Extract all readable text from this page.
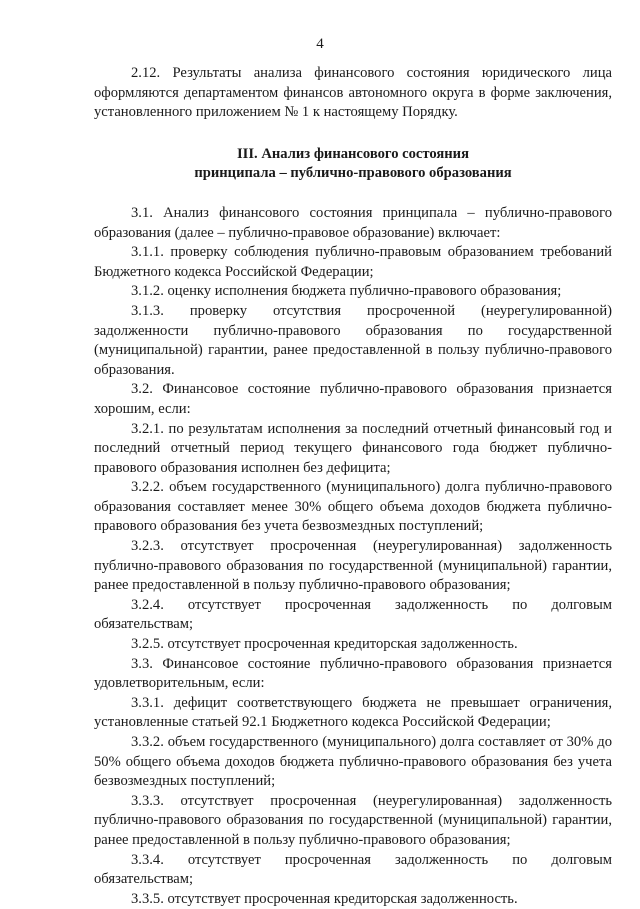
4

2.12. Результаты анализа финансового состояния юридического лица оформляются департаментом финансов автономного округа в форме заключения, установленного приложением № 1 к настоящему Порядку.

III. Анализ финансового состояния
принципала – публично-правового образования

3.1. Анализ финансового состояния принципала – публично-правового образования (далее – публично-правовое образование) включает:

3.1.1. проверку соблюдения публично-правовым образованием требований Бюджетного кодекса Российской Федерации;

3.1.2. оценку исполнения бюджета публично-правового образования;

3.1.3. проверку отсутствия просроченной (неурегулированной) задолженности публично-правового образования по государственной (муниципальной) гарантии, ранее предоставленной в пользу публично-правового образования.

3.2. Финансовое состояние публично-правового образования признается хорошим, если:

3.2.1. по результатам исполнения за последний отчетный финансовый год и последний отчетный период текущего финансового года бюджет публично-правового образования исполнен без дефицита;

3.2.2. объем государственного (муниципального) долга публично-правового образования составляет менее 30% общего объема доходов бюджета публично-правового образования без учета безвозмездных поступлений;

3.2.3. отсутствует просроченная (неурегулированная) задолженность публично-правового образования по государственной (муниципальной) гарантии, ранее предоставленной в пользу публично-правового образования;

3.2.4. отсутствует просроченная задолженность по долговым обязательствам;

3.2.5. отсутствует просроченная кредиторская задолженность.

3.3. Финансовое состояние публично-правового образования признается удовлетворительным, если:

3.3.1. дефицит соответствующего бюджета не превышает ограничения, установленные статьей 92.1 Бюджетного кодекса Российской Федерации;

3.3.2. объем государственного (муниципального) долга составляет от 30% до 50% общего объема доходов бюджета публично-правового образования без учета безвозмездных поступлений;

3.3.3. отсутствует просроченная (неурегулированная) задолженность публично-правового образования по государственной (муниципальной) гарантии, ранее предоставленной в пользу публично-правового образования;

3.3.4. отсутствует просроченная задолженность по долговым обязательствам;

3.3.5. отсутствует просроченная кредиторская задолженность.
